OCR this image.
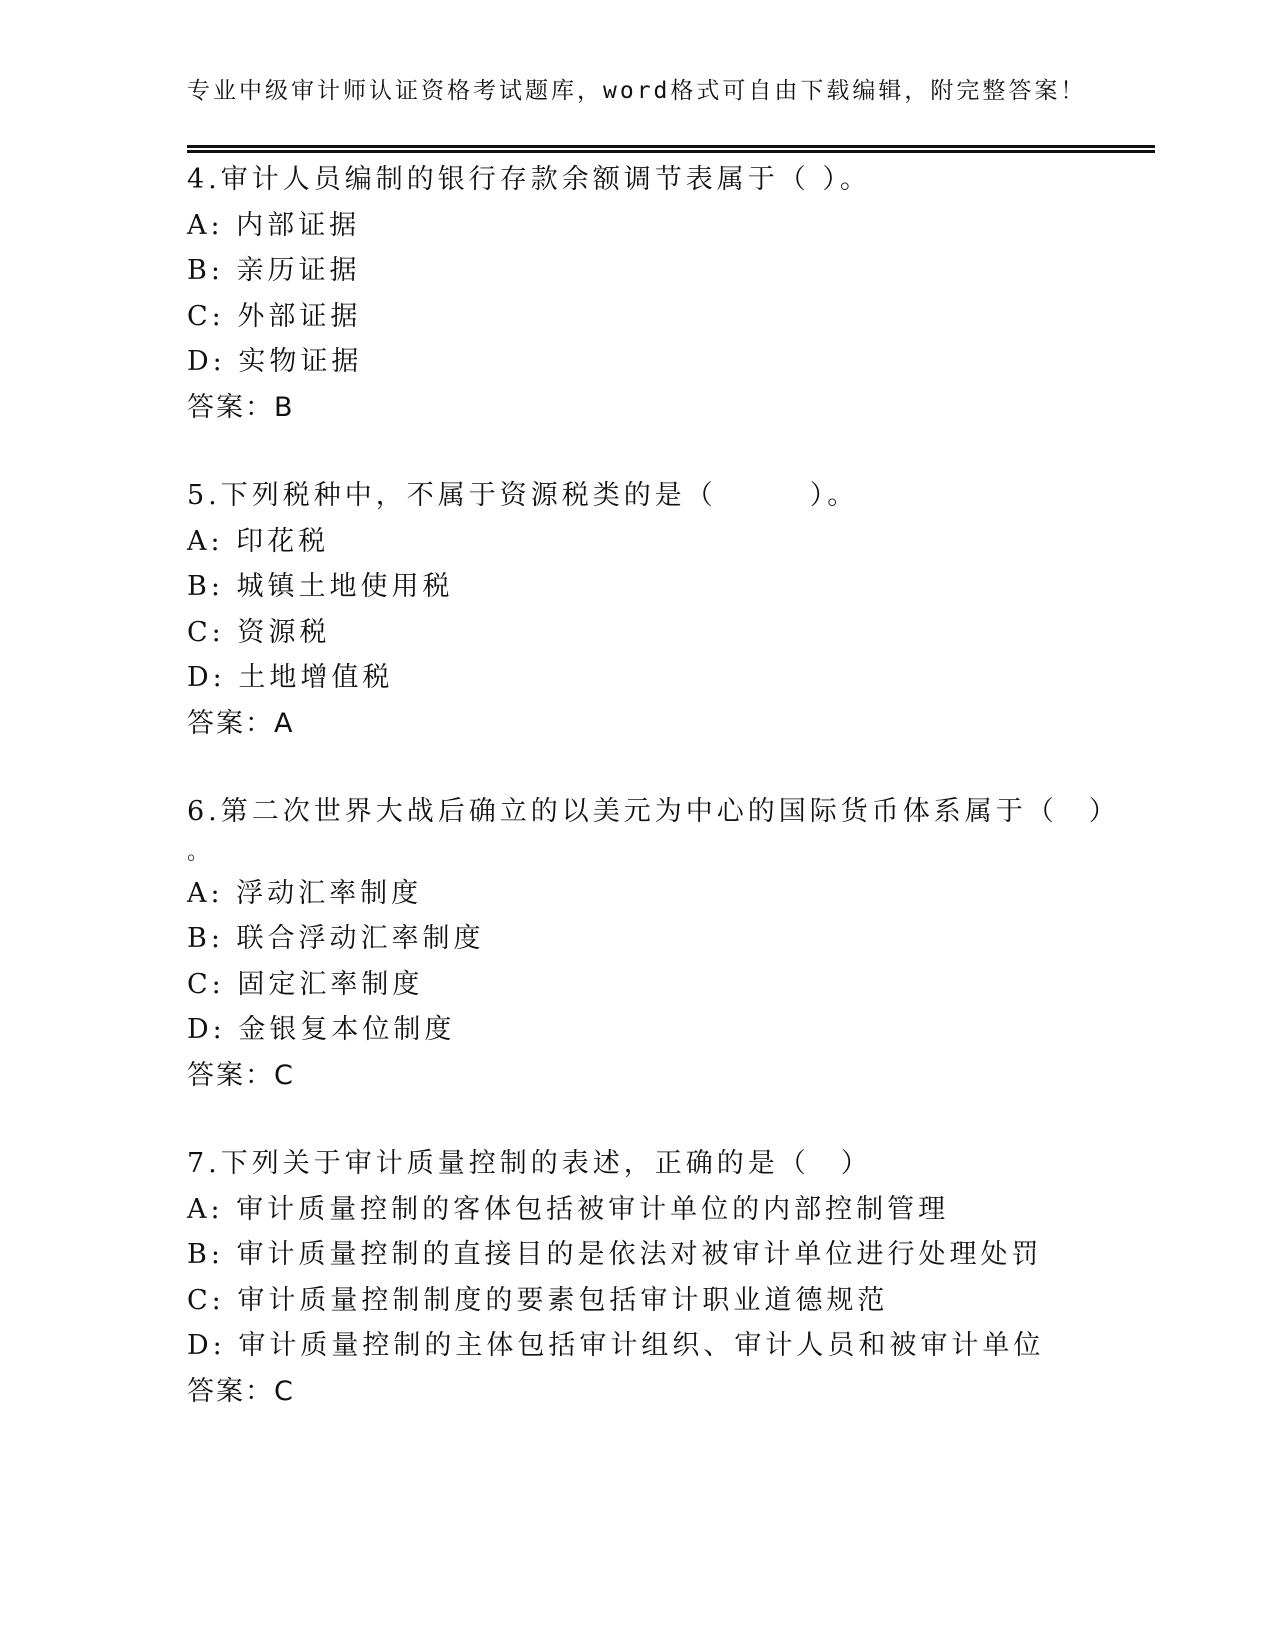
专业中级审计师认证资格考试题库，word格式可自由下载编辑，附完整答案！
4.审计人员编制的银行存款余额调节表属于（ ）。
A: 内部证据
B: 亲历证据
C: 外部证据
D: 实物证据
答案：B
5.下列税种中，不属于资源税类的是（　　　）。
A: 印花税
B: 城镇土地使用税
C: 资源税
D: 土地增值税
答案：A
6.第二次世界大战后确立的以美元为中心的国际货币体系属于（　）
。
A: 浮动汇率制度
B: 联合浮动汇率制度
C: 固定汇率制度
D: 金银复本位制度
答案：C
7.下列关于审计质量控制的表述，正确的是（　）
A: 审计质量控制的客体包括被审计单位的内部控制管理
B: 审计质量控制的直接目的是依法对被审计单位进行处理处罚
C: 审计质量控制制度的要素包括审计职业道德规范
D: 审计质量控制的主体包括审计组织、审计人员和被审计单位
答案：C
